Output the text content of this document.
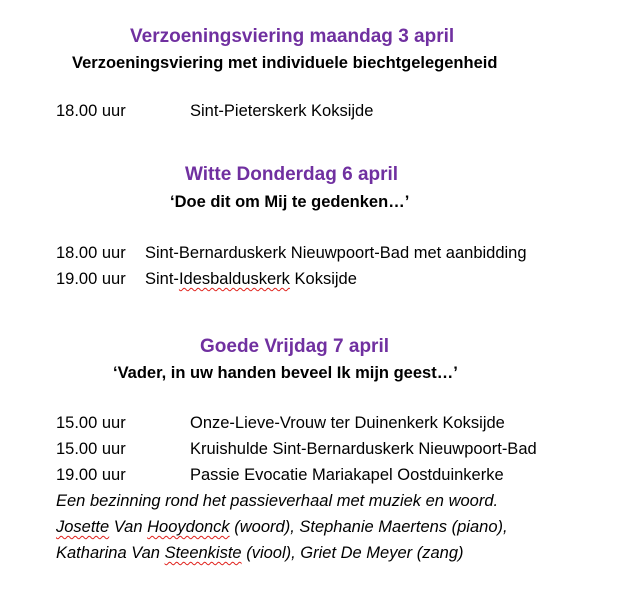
Verzoeningsviering maandag 3 april
Verzoeningsviering met individuele biechtgelegenheid
18.00 uur	Sint-Pieterskerk Koksijde
Witte Donderdag 6 april
‘Doe dit om Mij te gedenken…’
18.00 uur Sint-Bernarduskerk Nieuwpoort-Bad met aanbidding
19.00 uur Sint-Idesbalduskerk Koksijde
Goede Vrijdag 7 april
‘Vader, in uw handen beveel Ik mijn geest…’
15.00 uur	Onze-Lieve-Vrouw ter Duinenkerk Koksijde
15.00 uur	Kruishulde Sint-Bernarduskerk Nieuwpoort-Bad
19.00 uur	Passie Evocatie Mariakapel Oostduinkerke
Een bezinning rond het passieverhaal met muziek en woord.
Josette Van Hooydonck (woord), Stephanie Maertens (piano),
Katharina Van Steenkiste (viool), Griet De Meyer (zang)
